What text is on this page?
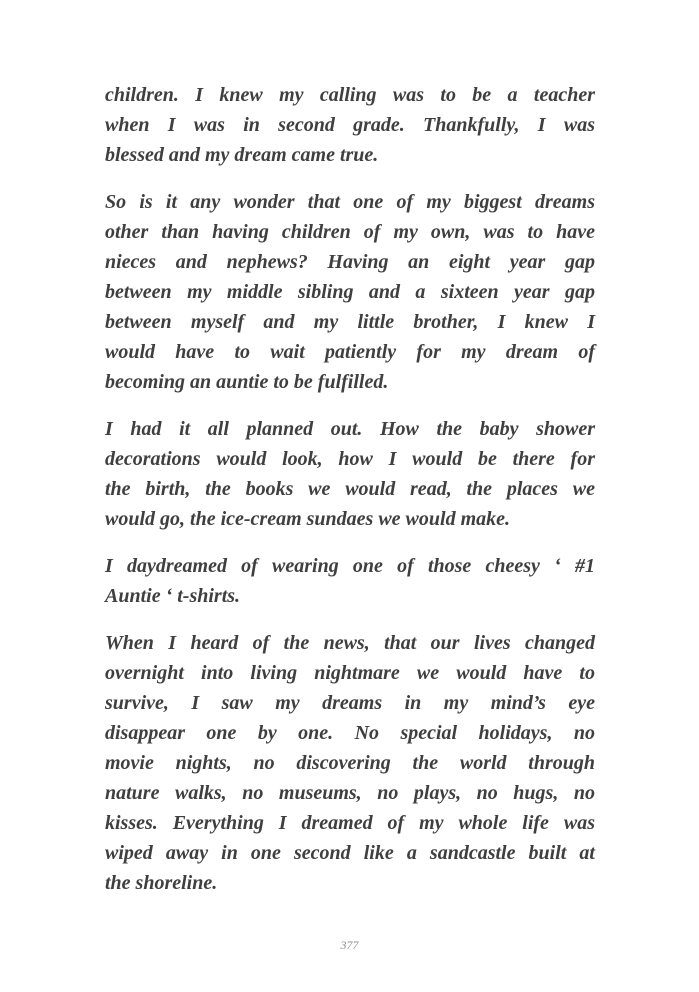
children. I knew my calling was to be a teacher
when I was in second grade. Thankfully, I was
blessed and my dream came true.
So is it any wonder that one of my biggest dreams
other than having children of my own, was to have
nieces and nephews? Having an eight year gap
between my middle sibling and a sixteen year gap
between myself and my little brother, I knew I
would have to wait patiently for my dream of
becoming an auntie to be fulfilled.
I had it all planned out. How the baby shower
decorations would look, how I would be there for
the birth, the books we would read, the places we
would go, the ice-cream sundaes we would make.
I daydreamed of wearing one of those cheesy ‘ #1
Auntie ‘ t-shirts.
When I heard of the news, that our lives changed
overnight into living nightmare we would have to
survive, I saw my dreams in my mind’s eye
disappear one by one. No special holidays, no
movie nights, no discovering the world through
nature walks, no museums, no plays, no hugs, no
kisses. Everything I dreamed of my whole life was
wiped away in one second like a sandcastle built at
the shoreline.
377
